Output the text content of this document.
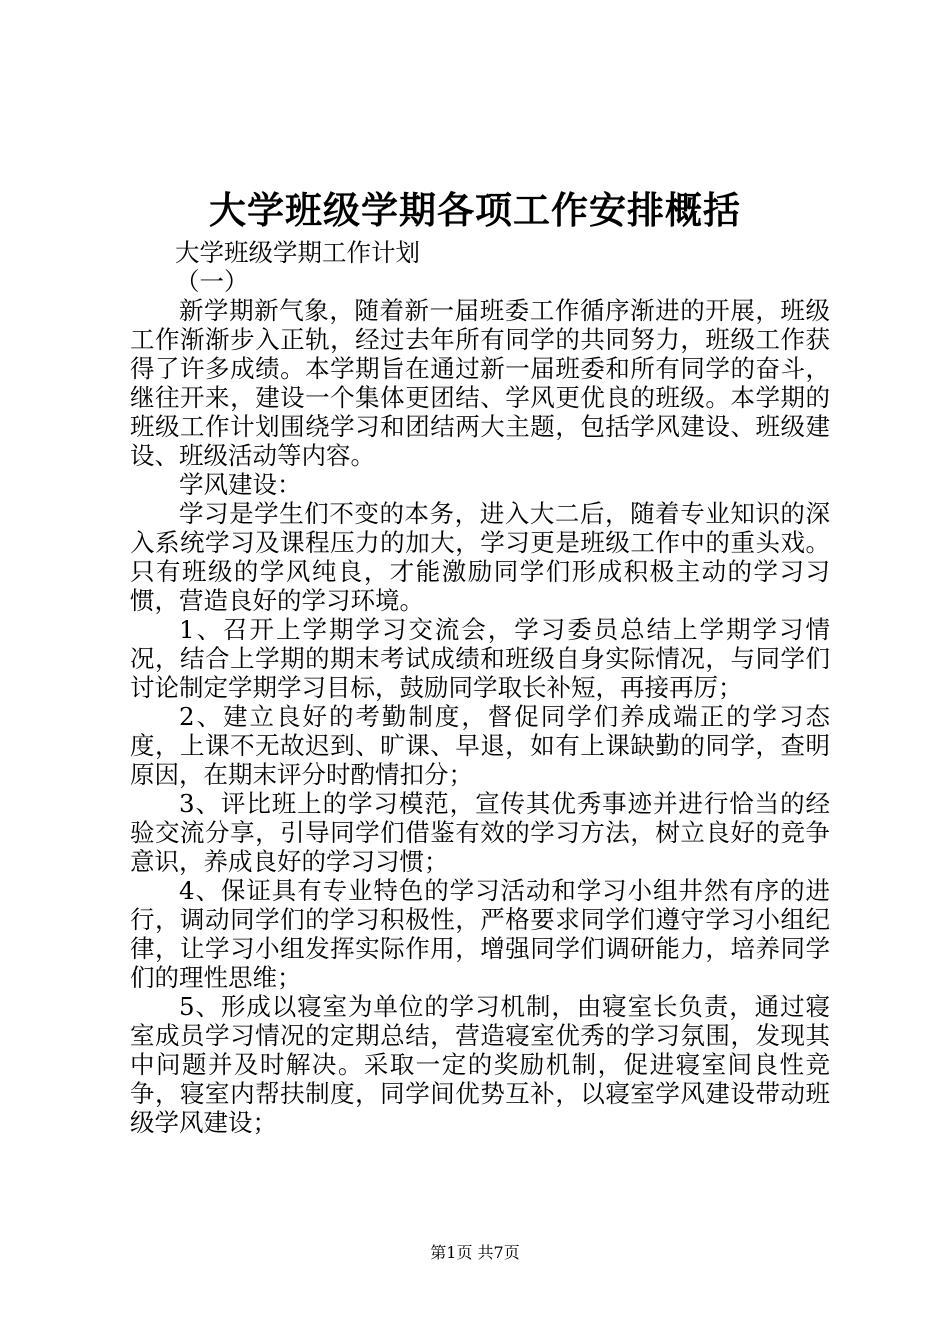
大学班级学期各项工作安排概括

大学班级学期工作计划

（一）

新学期新气象，随着新一届班委工作循序渐进的开展，班级工作渐渐步入正轨，经过去年所有同学的共同努力，班级工作获得了许多成绩。本学期旨在通过新一届班委和所有同学的奋斗，继往开来，建设一个集体更团结、学风更优良的班级。本学期的班级工作计划围绕学习和团结两大主题，包括学风建设、班级建设、班级活动等内容。

学风建设：

学习是学生们不变的本务，进入大二后，随着专业知识的深入系统学习及课程压力的加大，学习更是班级工作中的重头戏。只有班级的学风纯良，才能激励同学们形成积极主动的学习习惯，营造良好的学习环境。

1、召开上学期学习交流会，学习委员总结上学期学习情况，结合上学期的期末考试成绩和班级自身实际情况，与同学们讨论制定学期学习目标，鼓励同学取长补短，再接再厉；

2、建立良好的考勤制度，督促同学们养成端正的学习态度，上课不无故迟到、旷课、早退，如有上课缺勤的同学，查明原因，在期末评分时酌情扣分；

3、评比班上的学习模范，宣传其优秀事迹并进行恰当的经验交流分享，引导同学们借鉴有效的学习方法，树立良好的竞争意识，养成良好的学习习惯；

4、保证具有专业特色的学习活动和学习小组井然有序的进行，调动同学们的学习积极性，严格要求同学们遵守学习小组纪律，让学习小组发挥实际作用，增强同学们调研能力，培养同学们的理性思维；

5、形成以寝室为单位的学习机制，由寝室长负责，通过寝室成员学习情况的定期总结，营造寝室优秀的学习氛围，发现其中问题并及时解决。采取一定的奖励机制，促进寝室间良性竞争，寝室内帮扶制度，同学间优势互补，以寝室学风建设带动班级学风建设；

第1页 共7页
